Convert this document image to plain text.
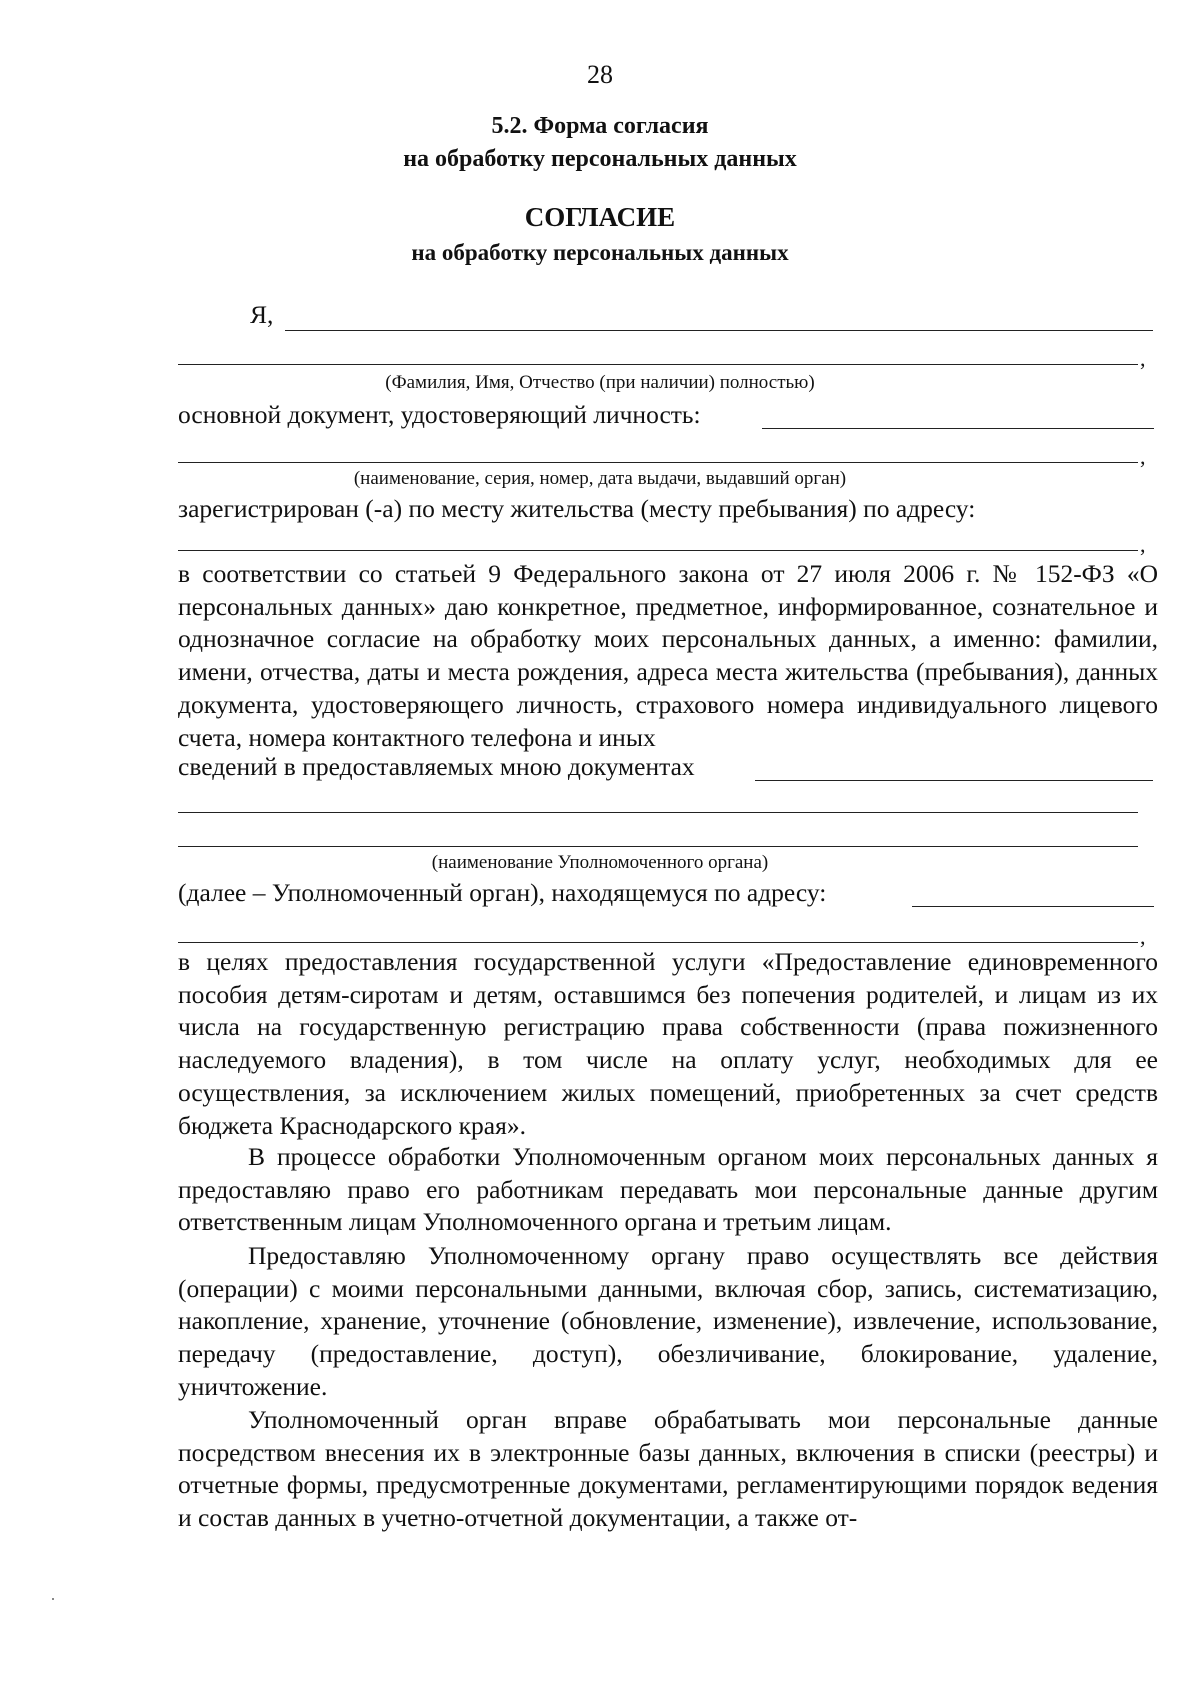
28
5.2. Форма согласия
на обработку персональных данных
СОГЛАСИЕ
на обработку персональных данных
Я,
,
(Фамилия, Имя, Отчество (при наличии) полностью)
основной документ, удостоверяющий личность:
,
(наименование, серия, номер, дата выдачи, выдавший орган)
зарегистрирован (-а) по месту жительства (месту пребывания) по адресу:
,

в соответствии со статьей 9 Федерального закона от 27 июля 2006 г. № 152-ФЗ «О персональных данных» даю конкретное, предметное, информированное, сознательное и однозначное согласие на обработку моих персональных данных, а именно: фамилии, имени, отчества, даты и места рождения, адреса места жительства (пребывания), данных документа, удостоверяющего личность, страхового номера индивидуального лицевого счета, номера контактного телефона и иных

сведений в предоставляемых мною документах
(наименование Уполномоченного органа)
(далее – Уполномоченный орган), находящемуся по адресу:
,

в целях предоставления государственной услуги «Предоставление единовременного пособия детям-сиротам и детям, оставшимся без попечения родителей, и лицам из их числа на государственную регистрацию права собственности (права пожизненного наследуемого владения), в том числе на оплату услуг, необходимых для ее осуществления, за исключением жилых помещений, приобретенных за счет средств бюджета Краснодарского края».

В процессе обработки Уполномоченным органом моих персональных данных я предоставляю право его работникам передавать мои персональные данные другим ответственным лицам Уполномоченного органа и третьим лицам.

Предоставляю Уполномоченному органу право осуществлять все действия (операции) с моими персональными данными, включая сбор, запись, систематизацию, накопление, хранение, уточнение (обновление, изменение), извлечение, использование, передачу (предоставление, доступ), обезличивание, блокирование, удаление, уничтожение.

Уполномоченный орган вправе обрабатывать мои персональные данные посредством внесения их в электронные базы данных, включения в списки (реестры) и отчетные формы, предусмотренные документами, регламентирующими порядок ведения и состав данных в учетно-отчетной документации, а также от-
